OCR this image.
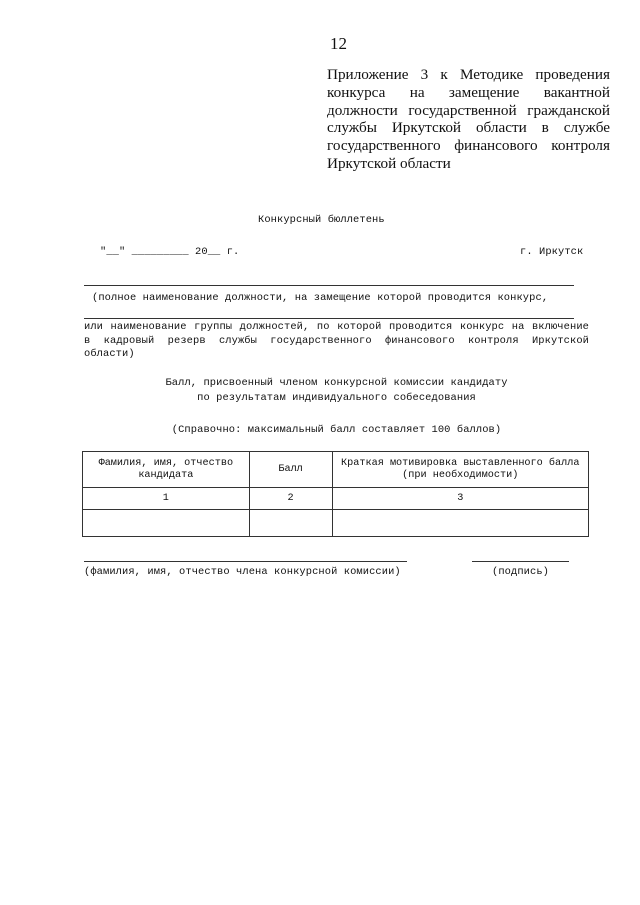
12
Приложение 3 к Методике проведения конкурса на замещение вакантной должности государственной гражданской службы Иркутской области в службе государственного финансового контроля Иркутской области
Конкурсный бюллетень
"__" _________ 20__ г.	г. Иркутск
(полное наименование должности, на замещение которой проводится конкурс,
или наименование группы должностей, по которой проводится конкурс на включение в кадровый резерв службы государственного финансового контроля Иркутской области)
Балл, присвоенный членом конкурсной комиссии кандидату
по результатам индивидуального собеседования
(Справочно: максимальный балл составляет 100 баллов)
Фамилия, имя, отчество кандидата	Балл	Краткая мотивировка выставленного балла (при необходимости)
1	2	3

(фамилия, имя, отчество члена конкурсной комиссии)	(подпись)
